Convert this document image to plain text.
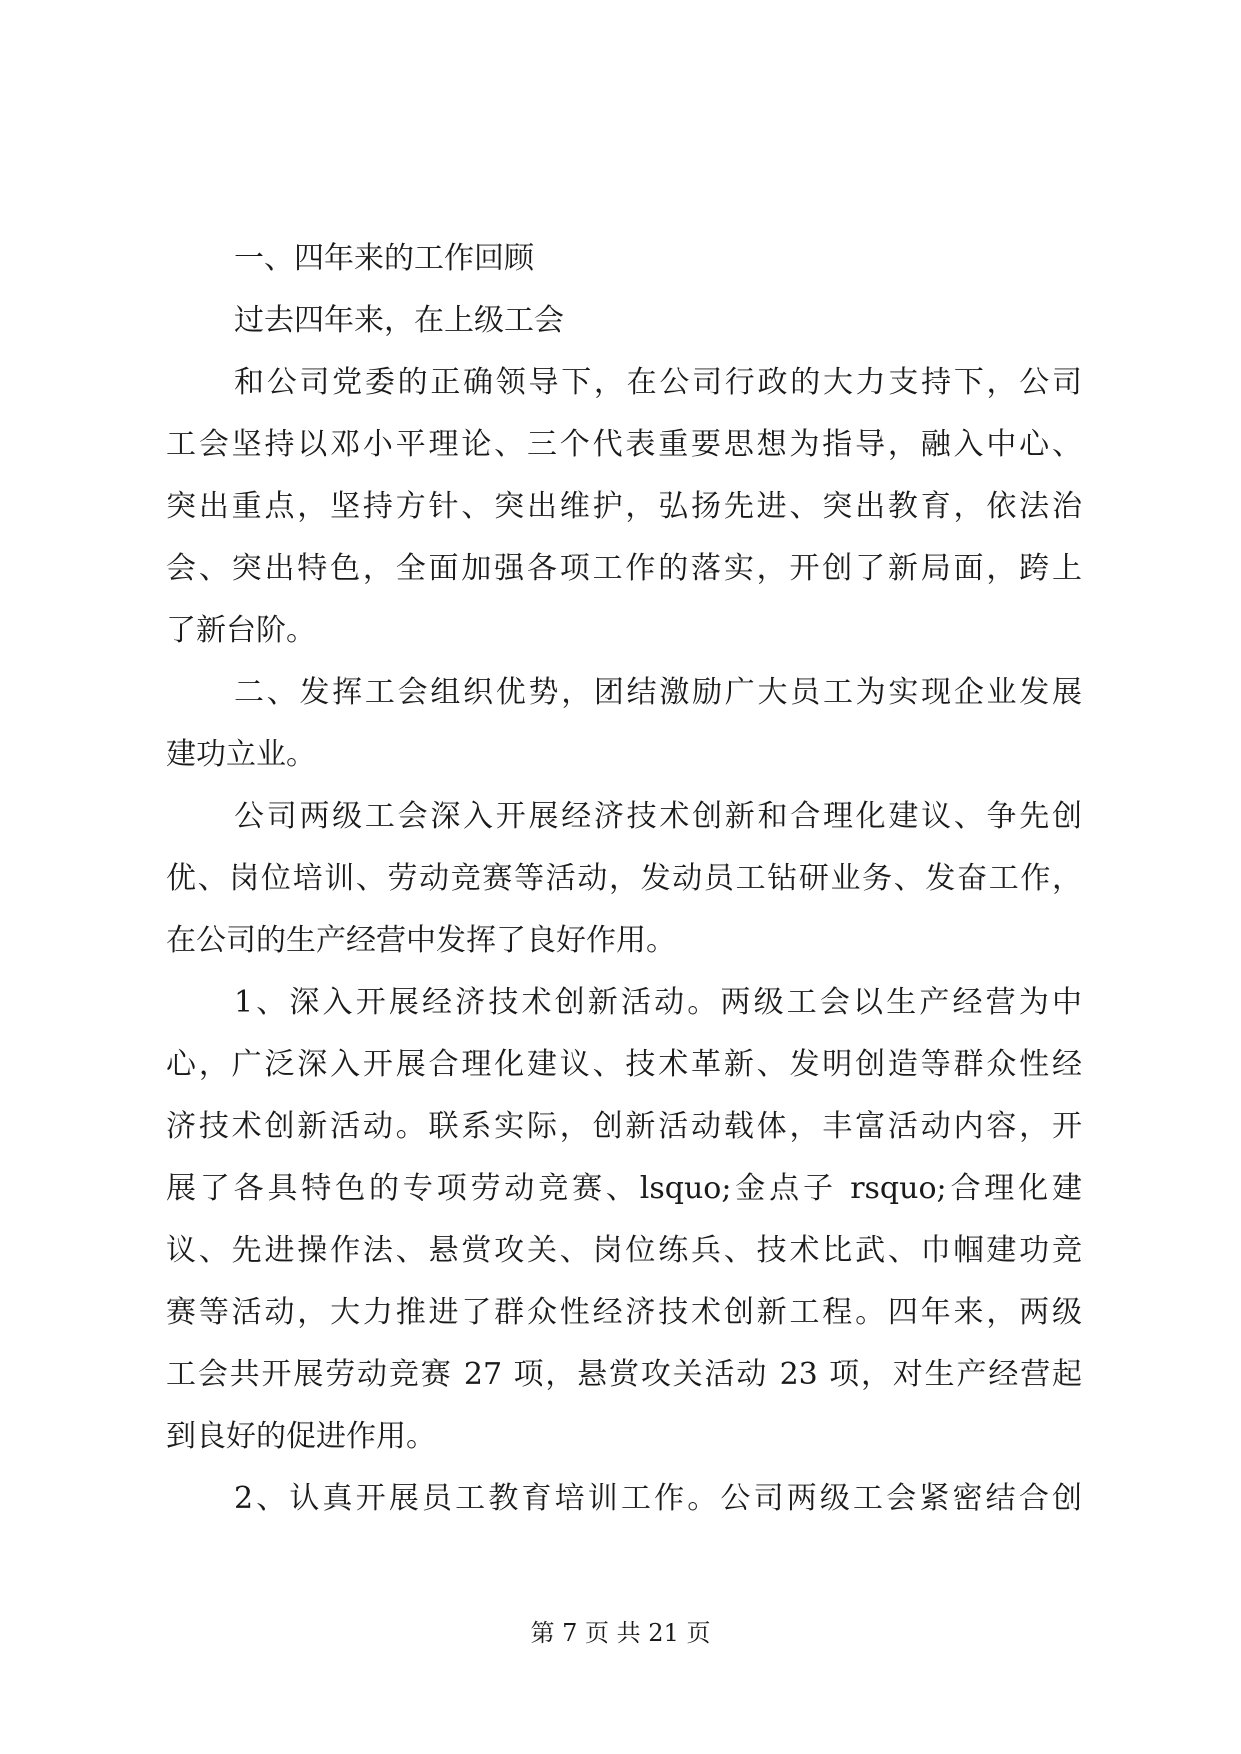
一、四年来的工作回顾
过去四年来，在上级工会
和公司党委的正确领导下，在公司行政的大力支持下，公司
工会坚持以邓小平理论、三个代表重要思想为指导，融入中心、
突出重点，坚持方针、突出维护，弘扬先进、突出教育，依法治
会、突出特色，全面加强各项工作的落实，开创了新局面，跨上
了新台阶。
二、发挥工会组织优势，团结激励广大员工为实现企业发展
建功立业。
公司两级工会深入开展经济技术创新和合理化建议、争先创
优、岗位培训、劳动竞赛等活动，发动员工钻研业务、发奋工作，
在公司的生产经营中发挥了良好作用。
1、深入开展经济技术创新活动。两级工会以生产经营为中
心，广泛深入开展合理化建议、技术革新、发明创造等群众性经
济技术创新活动。联系实际，创新活动载体，丰富活动内容，开
展了各具特色的专项劳动竞赛、lsquo;金点子 rsquo;合理化建
议、先进操作法、悬赏攻关、岗位练兵、技术比武、巾帼建功竞
赛等活动，大力推进了群众性经济技术创新工程。四年来，两级
工会共开展劳动竞赛 27 项，悬赏攻关活动 23 项，对生产经营起
到良好的促进作用。
2、认真开展员工教育培训工作。公司两级工会紧密结合创
第 7 页 共 21 页
